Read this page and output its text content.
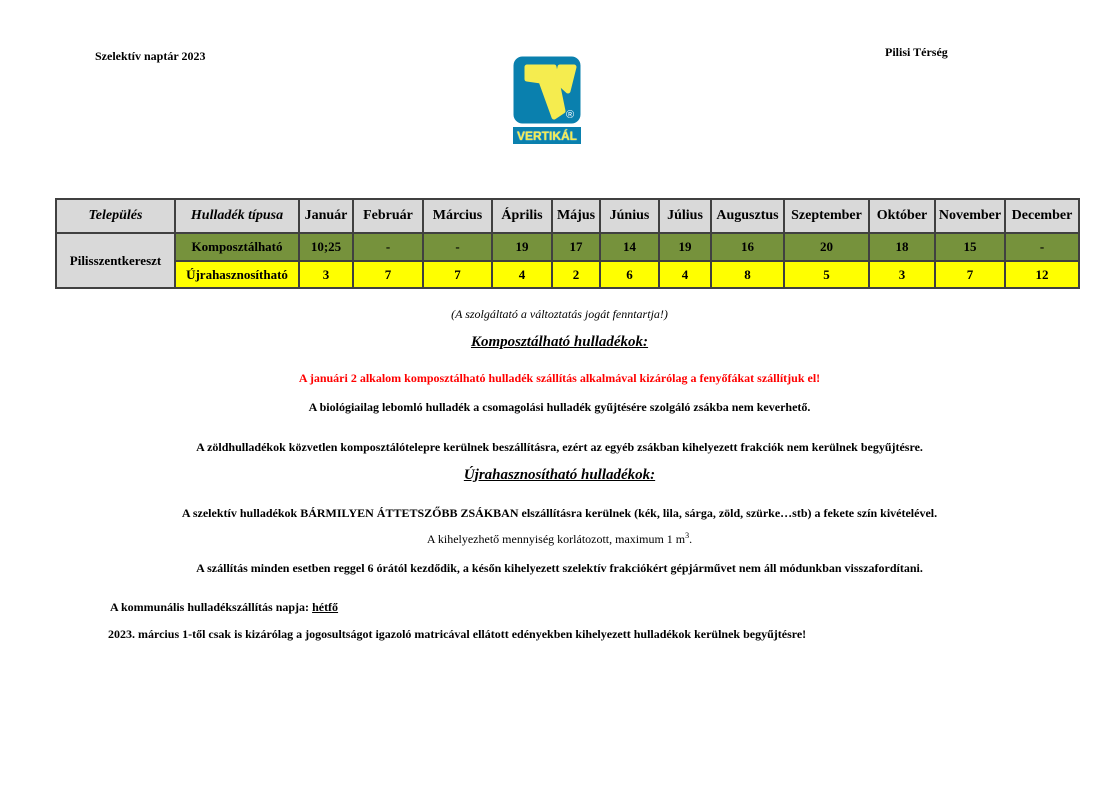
Szelektív naptár 2023	Pilisi Térség
®
VERTIKÁL
Település	Hulladék típusa	Január	Február	Március	Április	Május	Június	Július	Augusztus	Szeptember	Október	November	December
Pilisszentkereszt	Komposztálható	10;25	-	-	19	17	14	19	16	20	18	15	-
	Újrahasznosítható	3	7	7	4	2	6	4	8	5	3	7	12
(A szolgáltató a változtatás jogát fenntartja!)
Komposztálható hulladékok:
A januári 2 alkalom komposztálható hulladék szállítás alkalmával kizárólag a fenyőfákat szállítjuk el!
A biológiailag lebomló hulladék a csomagolási hulladék gyűjtésére szolgáló zsákba nem keverhető.
A zöldhulladékok közvetlen komposztálótelepre kerülnek beszállításra, ezért az egyéb zsákban kihelyezett frakciók nem kerülnek begyűjtésre.
Újrahasznosítható hulladékok:
A szelektív hulladékok BÁRMILYEN ÁTTETSZŐBB ZSÁKBAN elszállításra kerülnek (kék, lila, sárga, zöld, szürke…stb) a fekete szín kivételével.
A kihelyezhető mennyiség korlátozott, maximum 1 $m^3$.
A szállítás minden esetben reggel 6 órától kezdődik, a későn kihelyezett szelektív frakciókért gépjárművet nem áll módunkban visszafordítani.
A kommunális hulladékszállítás napja: hétfő
2023. március 1-től csak is kizárólag a jogosultságot igazoló matricával ellátott edényekben kihelyezett hulladékok kerülnek begyűjtésre!
